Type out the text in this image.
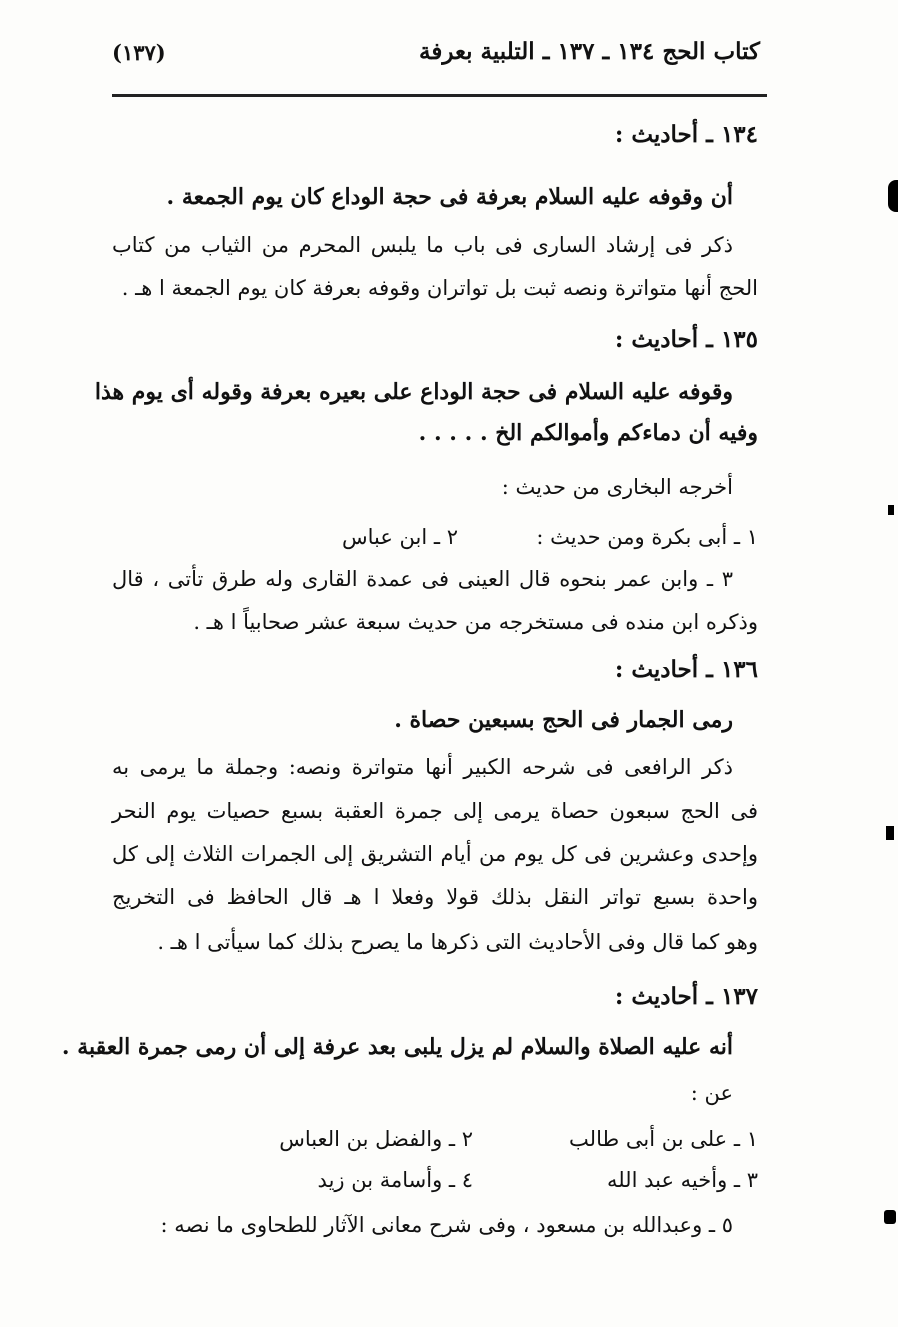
كتاب الحج ١٣٤ ـ ١٣٧ ـ التلبية بعرفة
(١٣٧)
١٣٤ ـ أحاديث :
أن وقوفه عليه السلام بعرفة فى حجة الوداع كان يوم الجمعة .
ذكر فى إرشاد السارى فى باب ما يلبس المحرم من الثياب من كتاب
الحج أنها متواترة ونصه ثبت بل تواتران وقوفه بعرفة كان يوم الجمعة ا هـ .
١٣٥ ـ أحاديث :
وقوفه عليه السلام فى حجة الوداع على بعيره بعرفة وقوله أى يوم هذا
وفيه أن دماءكم وأموالكم الخ . . . . .
أخرجه البخارى من حديث :
١ ـ أبى بكرة ومن حديث :
٢ ـ ابن عباس
٣ ـ وابن عمر بنحوه قال العينى فى عمدة القارى وله طرق تأتى ، قال
وذكره ابن منده فى مستخرجه من حديث سبعة عشر صحابياً ا هـ .
١٣٦ ـ أحاديث :
رمى الجمار فى الحج بسبعين حصاة .
ذكر الرافعى فى شرحه الكبير أنها متواترة ونصه: وجملة ما يرمى به
فى الحج سبعون حصاة يرمى إلى جمرة العقبة بسبع حصيات يوم النحر
وإحدى وعشرين فى كل يوم من أيام التشريق إلى الجمرات الثلاث إلى كل
واحدة بسبع تواتر النقل بذلك قولا وفعلا ا هـ قال الحافظ فى التخريج
وهو كما قال وفى الأحاديث التى ذكرها ما يصرح بذلك كما سيأتى ا هـ .
١٣٧ ـ أحاديث :
أنه عليه الصلاة والسلام لم يزل يلبى بعد عرفة إلى أن رمى جمرة العقبة .
عن :
١ ـ على بن أبى طالب
٢ ـ والفضل بن العباس
٣ ـ وأخيه عبد الله
٤ ـ وأسامة بن زيد
٥ ـ وعبدالله بن مسعود ، وفى شرح معانى الآثار للطحاوى ما نصه :
